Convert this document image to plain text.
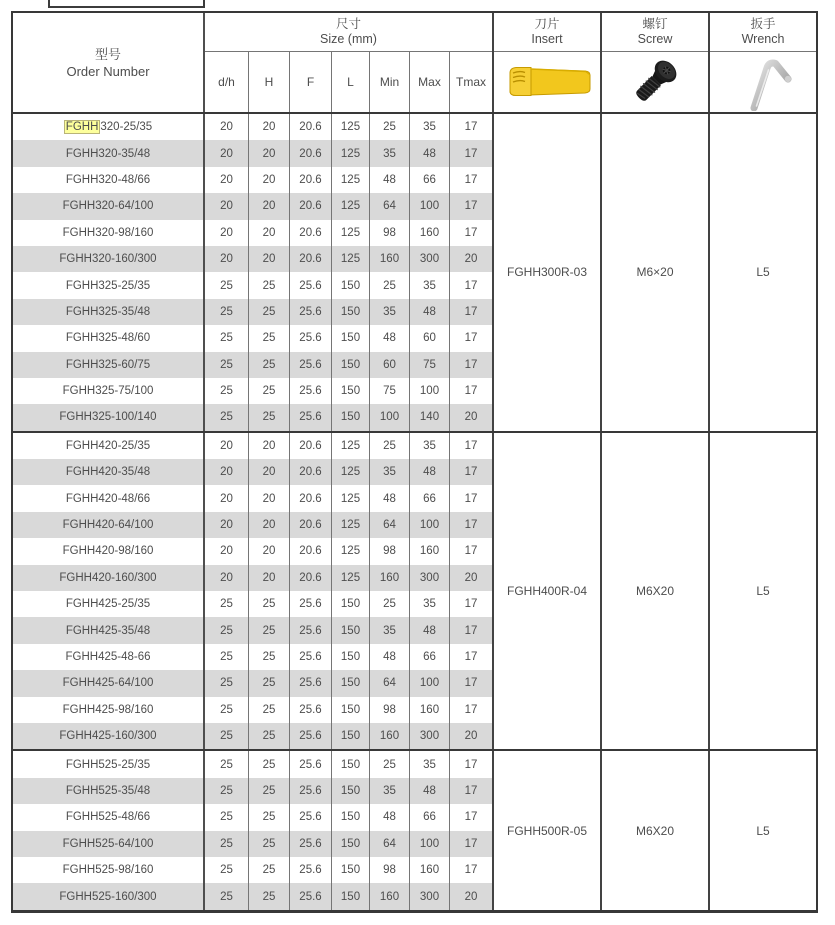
型号
Order Number
尺寸
Size (mm)
d/h	H	F	L	Min	Max	Tmax
刀片
Insert
螺钉
Screw
扳手
Wrench
FGHH 320-25/35	20	20	20.6	125	25	35	17
FGHH320-35/48	20	20	20.6	125	35	48	17
FGHH320-48/66	20	20	20.6	125	48	66	17
FGHH320-64/100	20	20	20.6	125	64	100	17
FGHH320-98/160	20	20	20.6	125	98	160	17
FGHH320-160/300	20	20	20.6	125	160	300	20
FGHH325-25/35	25	25	25.6	150	25	35	17
FGHH325-35/48	25	25	25.6	150	35	48	17
FGHH325-48/60	25	25	25.6	150	48	60	17
FGHH325-60/75	25	25	25.6	150	60	75	17
FGHH325-75/100	25	25	25.6	150	75	100	17
FGHH325-100/140	25	25	25.6	150	100	140	20
FGHH300R-03	M6×20	L5
FGHH420-25/35	20	20	20.6	125	25	35	17
FGHH420-35/48	20	20	20.6	125	35	48	17
FGHH420-48/66	20	20	20.6	125	48	66	17
FGHH420-64/100	20	20	20.6	125	64	100	17
FGHH420-98/160	20	20	20.6	125	98	160	17
FGHH420-160/300	20	20	20.6	125	160	300	20
FGHH425-25/35	25	25	25.6	150	25	35	17
FGHH425-35/48	25	25	25.6	150	35	48	17
FGHH425-48-66	25	25	25.6	150	48	66	17
FGHH425-64/100	25	25	25.6	150	64	100	17
FGHH425-98/160	25	25	25.6	150	98	160	17
FGHH425-160/300	25	25	25.6	150	160	300	20
FGHH400R-04	M6X20	L5
FGHH525-25/35	25	25	25.6	150	25	35	17
FGHH525-35/48	25	25	25.6	150	35	48	17
FGHH525-48/66	25	25	25.6	150	48	66	17
FGHH525-64/100	25	25	25.6	150	64	100	17
FGHH525-98/160	25	25	25.6	150	98	160	17
FGHH525-160/300	25	25	25.6	150	160	300	20
FGHH500R-05	M6X20	L5
